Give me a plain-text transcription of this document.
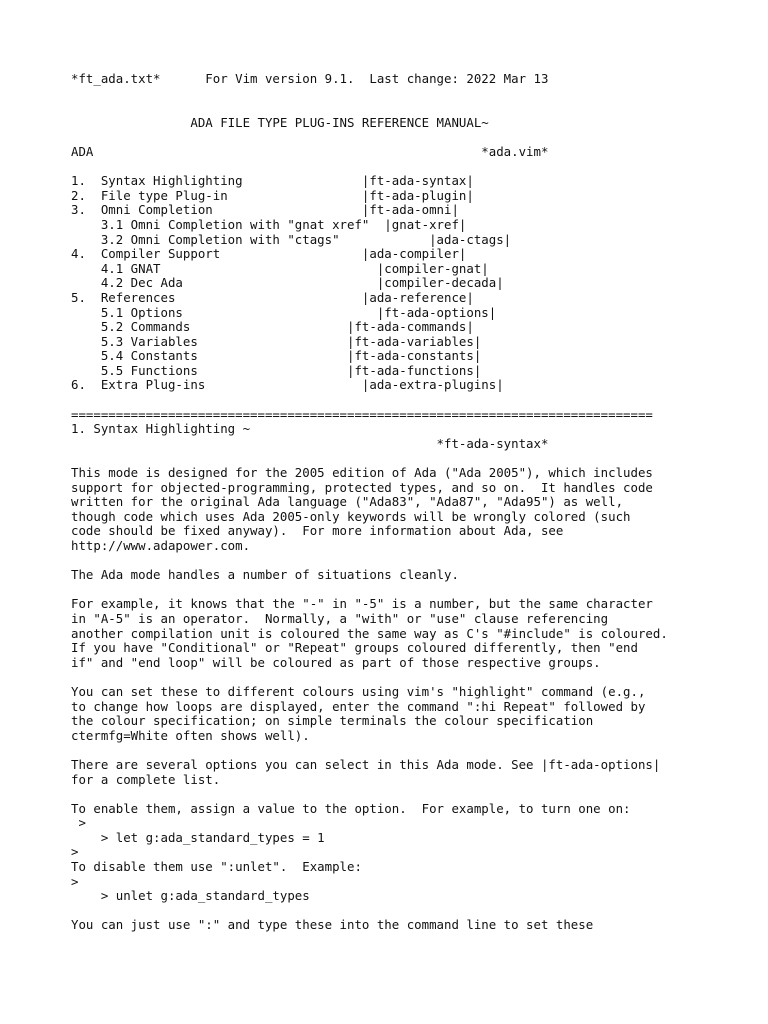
*ft_ada.txt*      For Vim version 9.1.  Last change: 2022 Mar 13
ADA FILE TYPE PLUG-INS REFERENCE MANUAL~
ADA                                                    *ada.vim*
1.  Syntax Highlighting                |ft-ada-syntax|
2.  File type Plug-in                  |ft-ada-plugin|
3.  Omni Completion                    |ft-ada-omni|
3.1 Omni Completion with "gnat xref"  |gnat-xref|
3.2 Omni Completion with "ctags"            |ada-ctags|
4.  Compiler Support                   |ada-compiler|
4.1 GNAT                             |compiler-gnat|
4.2 Dec Ada                          |compiler-decada|
5.  References                         |ada-reference|
5.1 Options                          |ft-ada-options|
5.2 Commands                     |ft-ada-commands|
5.3 Variables                    |ft-ada-variables|
5.4 Constants                    |ft-ada-constants|
5.5 Functions                    |ft-ada-functions|
6.  Extra Plug-ins                     |ada-extra-plugins|
==============================================================================
1. Syntax Highlighting ~
*ft-ada-syntax*
This mode is designed for the 2005 edition of Ada ("Ada 2005"), which includes
support for objected-programming, protected types, and so on.  It handles code
written for the original Ada language ("Ada83", "Ada87", "Ada95") as well,
though code which uses Ada 2005-only keywords will be wrongly colored (such
code should be fixed anyway).  For more information about Ada, see
http://www.adapower.com.
The Ada mode handles a number of situations cleanly.
For example, it knows that the "-" in "-5" is a number, but the same character
in "A-5" is an operator.  Normally, a "with" or "use" clause referencing
another compilation unit is coloured the same way as C's "#include" is coloured.
If you have "Conditional" or "Repeat" groups coloured differently, then "end
if" and "end loop" will be coloured as part of those respective groups.
You can set these to different colours using vim's "highlight" command (e.g.,
to change how loops are displayed, enter the command ":hi Repeat" followed by
the colour specification; on simple terminals the colour specification
ctermfg=White often shows well).
There are several options you can select in this Ada mode. See |ft-ada-options|
for a complete list.
To enable them, assign a value to the option.  For example, to turn one on:
>
> let g:ada_standard_types = 1
>
To disable them use ":unlet".  Example:
>
> unlet g:ada_standard_types
You can just use ":" and type these into the command line to set these
